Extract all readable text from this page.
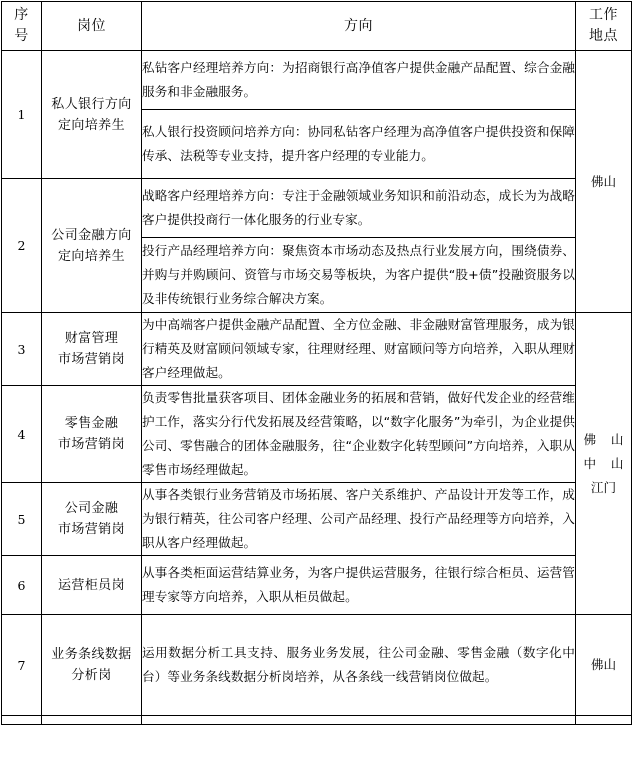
序
号	岗位	方向	工作
地点

1	私人银行方向
定向培养生	私钻客户经理培养方向：为招商银行高净值客户提供金融产品配置、综合金融服务和非金融服务。	佛山

		私人银行投资顾问培养方向：协同私钻客户经理为高净值客户提供投资和保障传承、法税等专业支持，提升客户经理的专业能力。	
2	公司金融方向
定向培养生	战略客户经理培养方向：专注于金融领域业务知识和前沿动态，成长为为战略客户提供投商行一体化服务的行业专家。	
		投行产品经理培养方向：聚焦资本市场动态及热点行业发展方向，围绕债券、并购与并购顾问、资管与市场交易等板块，为客户提供“股+债”投融资服务以及非传统银行业务综合解决方案。	
3	财富管理
市场营销岗	为中高端客户提供金融产品配置、全方位金融、非金融财富管理服务，成为银行精英及财富顾问领域专家，往理财经理、财富顾问等方向培养，入职从理财客户经理做起。	佛山
中山
江门

4	零售金融
市场营销岗	负责零售批量获客项目、团体金融业务的拓展和营销，做好代发企业的经营维护工作，落实分行代发拓展及经营策略，以“数字化服务”为牵引，为企业提供公司、零售融合的团体金融服务，往“企业数字化转型顾问”方向培养，入职从零售市场经理做起。	
5	公司金融
市场营销岗	从事各类银行业务营销及市场拓展、客户关系维护、产品设计开发等工作，成为银行精英，往公司客户经理、公司产品经理、投行产品经理等方向培养，入职从客户经理做起。	
6	运营柜员岗	从事各类柜面运营结算业务，为客户提供运营服务，往银行综合柜员、运营管理专家等方向培养，入职从柜员做起。	
7	业务条线数据
分析岗	运用数据分析工具支持、服务业务发展，往公司金融、零售金融（数字化中台）等业务条线数据分析岗培养，从各条线一线营销岗位做起。	佛山
